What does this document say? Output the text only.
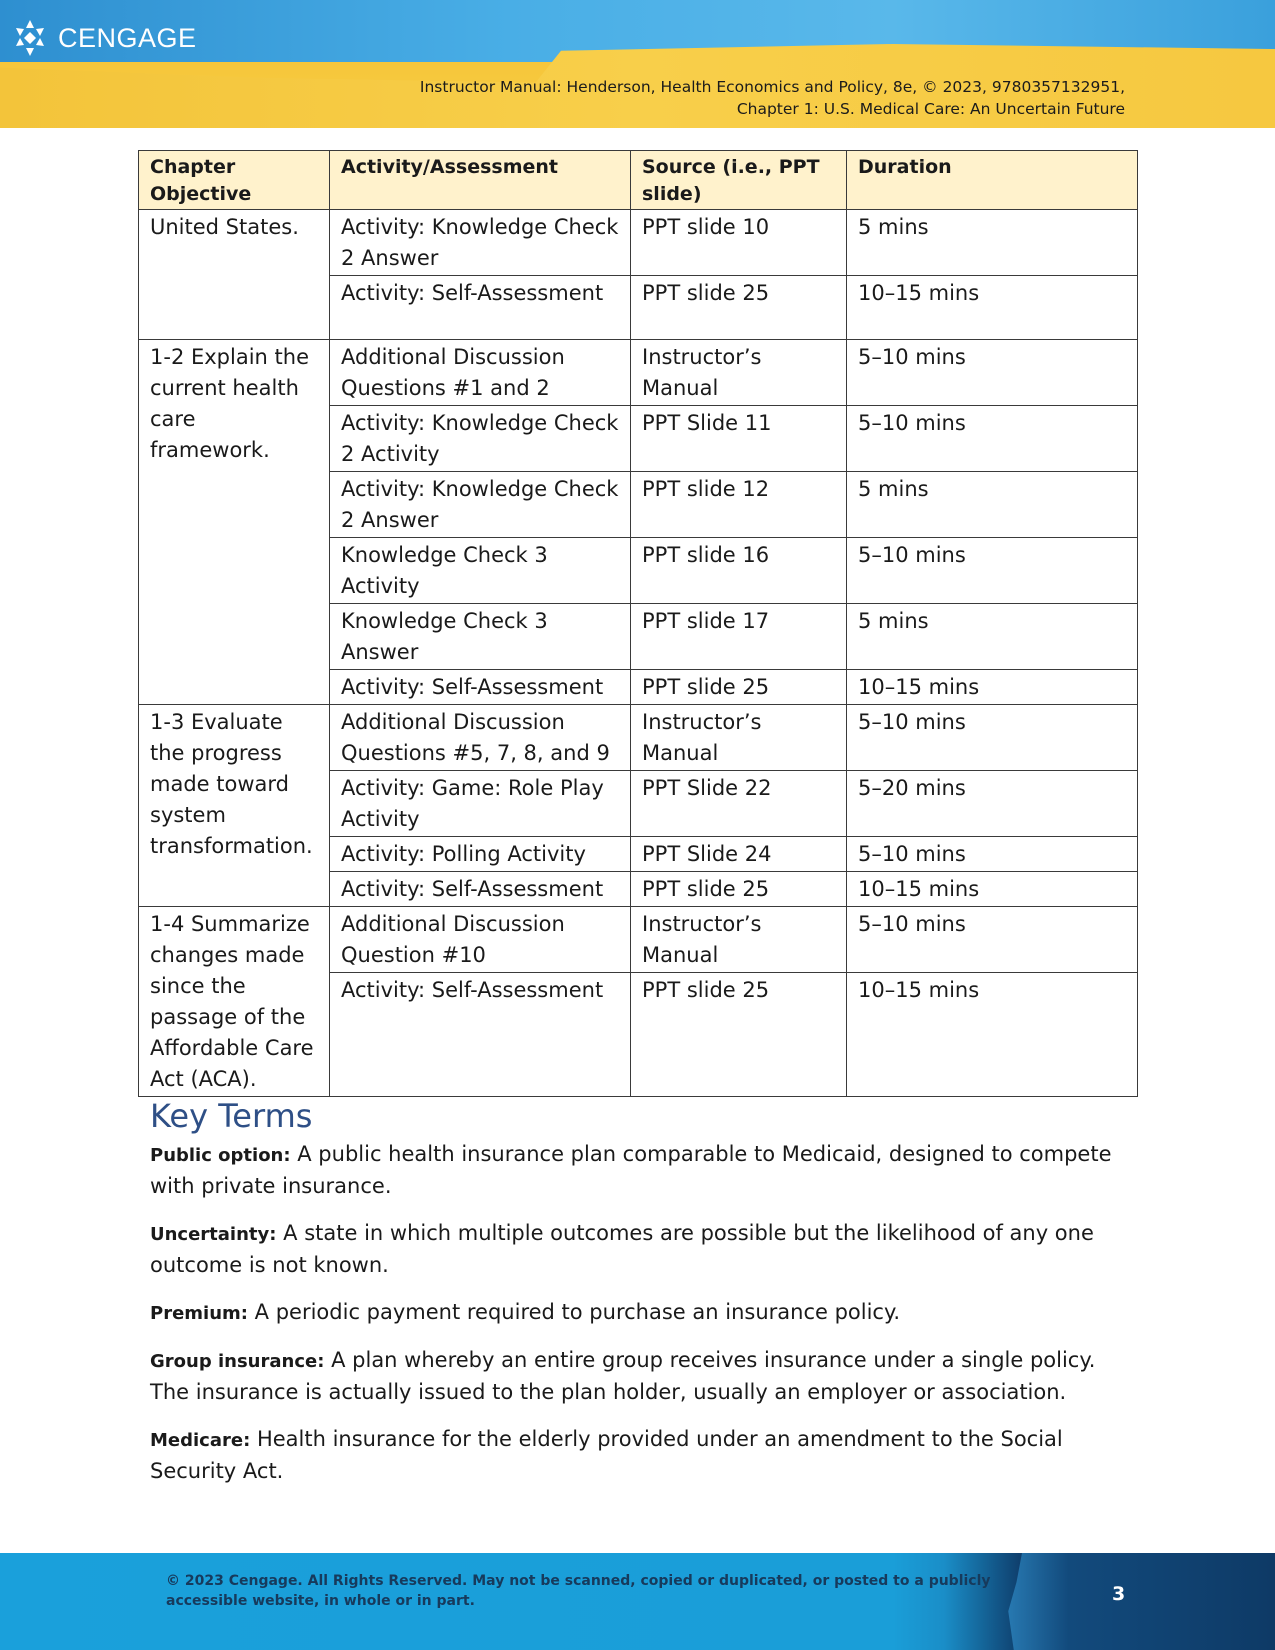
CENGAGE
Instructor Manual: Henderson, Health Economics and Policy, 8e, © 2023, 9780357132951,
Chapter 1: U.S. Medical Care: An Uncertain Future
Chapter Objective	Activity/Assessment	Source (i.e., PPT slide)	Duration
United States.	Activity: Knowledge Check 2 Answer	PPT slide 10	5 mins
	Activity: Self-Assessment	PPT slide 25	10–15 mins
1-2 Explain the current health care framework.	Additional Discussion Questions #1 and 2	Instructor’s Manual	5–10 mins
	Activity: Knowledge Check 2 Activity	PPT Slide 11	5–10 mins
	Activity: Knowledge Check 2 Answer	PPT slide 12	5 mins
	Knowledge Check 3 Activity	PPT slide 16	5–10 mins
	Knowledge Check 3 Answer	PPT slide 17	5 mins
	Activity: Self-Assessment	PPT slide 25	10–15 mins
1-3 Evaluate the progress made toward system transformation.	Additional Discussion Questions #5, 7, 8, and 9	Instructor’s Manual	5–10 mins
	Activity: Game: Role Play Activity	PPT Slide 22	5–20 mins
	Activity: Polling Activity	PPT Slide 24	5–10 mins
	Activity: Self-Assessment	PPT slide 25	10–15 mins
1-4 Summarize changes made since the passage of the Affordable Care Act (ACA).	Additional Discussion Question #10	Instructor’s Manual	5–10 mins
	Activity: Self-Assessment	PPT slide 25	10–15 mins
Key Terms

Public option: A public health insurance plan comparable to Medicaid, designed to compete with private insurance.

Uncertainty: A state in which multiple outcomes are possible but the likelihood of any one outcome is not known.

Premium: A periodic payment required to purchase an insurance policy.

Group insurance: A plan whereby an entire group receives insurance under a single policy. The insurance is actually issued to the plan holder, usually an employer or association.

Medicare: Health insurance for the elderly provided under an amendment to the Social Security Act.

© 2023 Cengage. All Rights Reserved. May not be scanned, copied or duplicated, or posted to a publicly accessible website, in whole or in part.	3
